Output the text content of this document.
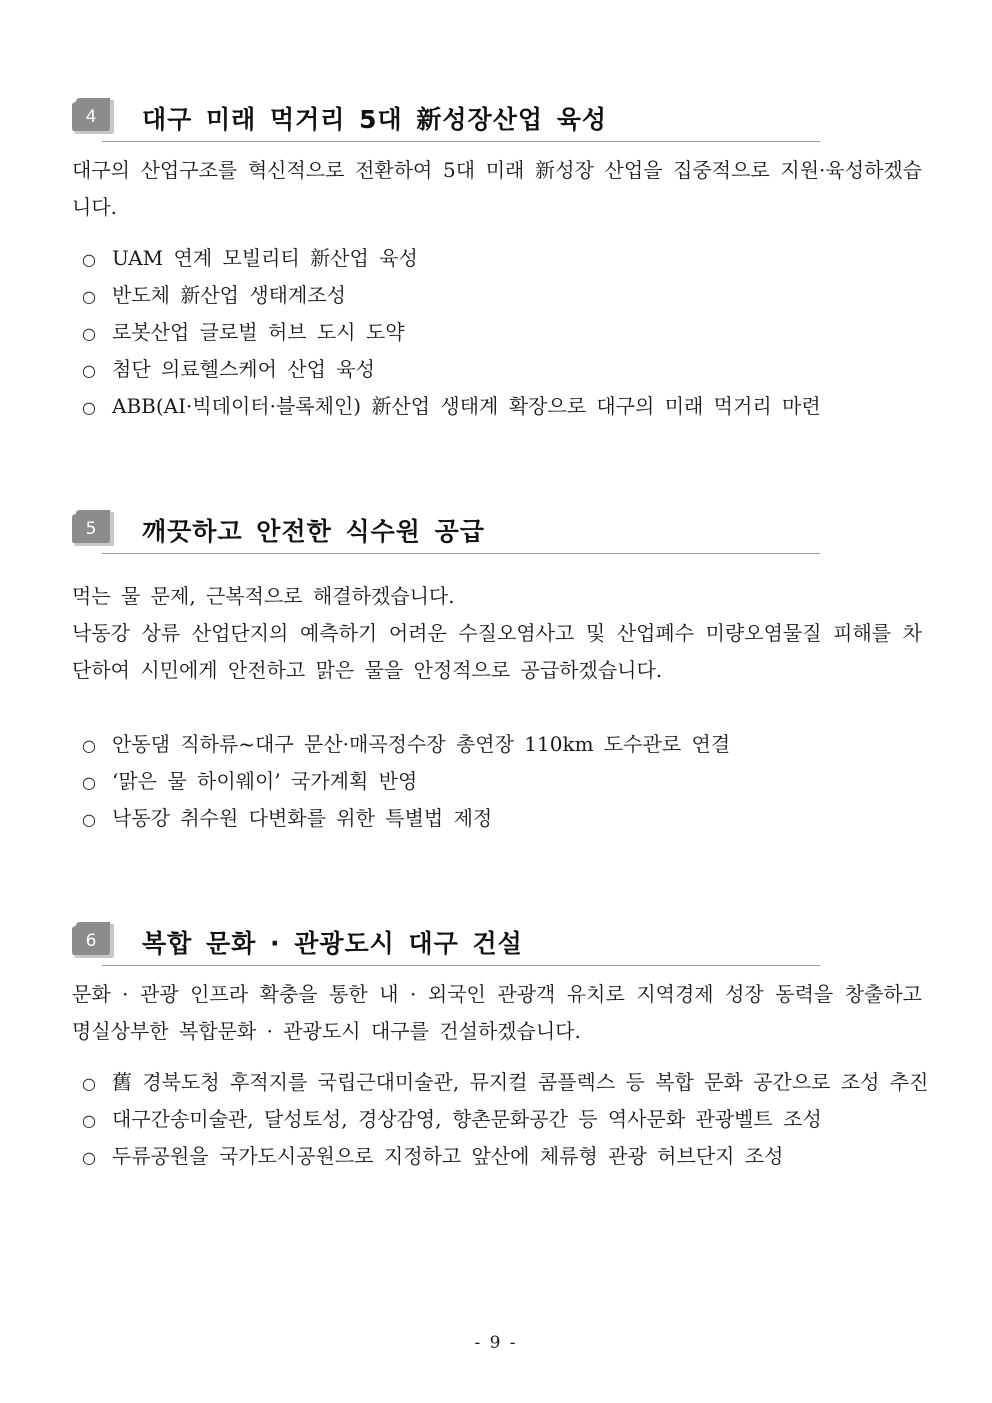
4 대구 미래 먹거리 5대 新성장산업 육성
대구의 산업구조를 혁신적으로 전환하여 5대 미래 新성장 산업을 집중적으로 지원·육성하겠습니다.
○ UAM 연계 모빌리티 新산업 육성
○ 반도체 新산업 생태계조성
○ 로봇산업 글로벌 허브 도시 도약
○ 첨단 의료헬스케어 산업 육성
○ ABB(AI·빅데이터·블록체인) 新산업 생태계 확장으로 대구의 미래 먹거리 마련
5 깨끗하고 안전한 식수원 공급
먹는 물 문제, 근복적으로 해결하겠습니다.
낙동강 상류 산업단지의 예측하기 어려운 수질오염사고 및 산업폐수 미량오염물질 피해를 차단하여 시민에게 안전하고 맑은 물을 안정적으로 공급하겠습니다.
○ 안동댐 직하류~대구 문산·매곡정수장 총연장 110km 도수관로 연결
○ ‘맑은 물 하이웨이’ 국가계획 반영
○ 낙동강 취수원 다변화를 위한 특별법 제정
6 복합 문화 · 관광도시 대구 건설
문화 · 관광 인프라 확충을 통한 내 · 외국인 관광객 유치로 지역경제 성장 동력을 창출하고 명실상부한 복합문화 · 관광도시 대구를 건설하겠습니다.
○ 舊 경북도청 후적지를 국립근대미술관, 뮤지컬 콤플렉스 등 복합 문화 공간으로 조성 추진
○ 대구간송미술관, 달성토성, 경상감영, 향촌문화공간 등 역사문화 관광벨트 조성
○ 두류공원을 국가도시공원으로 지정하고 앞산에 체류형 관광 허브단지 조성
- 9 -
